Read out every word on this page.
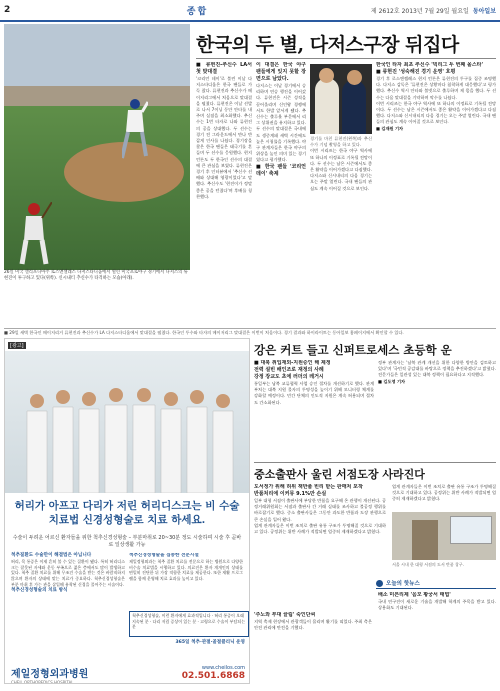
2	종합	제 2612호 2013년 7월 29일 월요일 동아일보
26일 미국 캘리포니아주 로스앤젤레스 다저스타디움에서 열린 미국프로야구 경기에서 다저스의 류현진이 투구하고 있다(위쪽). 신시내티 추신수가 타격하는 모습(아래).
한국의 두 별, 다저스구장 뒤집다
■ 류현진-추신수 LA서 첫 맞대결
'코리언 데이'로 불린 이날 다저스타디움은 한국 팬들로 가득 찼다. 류현진과 추신수가 메이저리그에서 처음으로 맞대결을 펼쳤다. 류현진은 이날 선발로 나서 7이닝 동안 안타를 내주며 실점을 최소화했다. 추신수는 1번 타자로 나와 류현진의 공을 상대했다. 두 선수는 경기 전 그라운드에서 만나 반갑게 인사를 나눴다. 경기장을 찾은 한국 팬들은 태극기를 흔들며 두 선수를 응원했다. 현지 언론도 두 한국인 선수의 대결에 큰 관심을 보였다. 류현진은 경기 후 인터뷰에서 '추신수 선배와 상대해 영광이었다'고 말했다. 추신수도 '현진이가 정말 좋은 공을 던졌다'며 후배를 칭찬했다.
이 대결은 한국 야구 팬들에게 잊지 못할 장면으로 남았다.
다저스는 이날 경기에서 승리하며 연승 행진을 이어갔다. 류현진은 시즌 성적을 끌어올리며 신인왕 경쟁에서도 한발 앞서게 됐다. 추신수는 출루율 부문에서 리그 상위권을 유지하고 있다. 두 선수의 맞대결은 국내에도 생중계돼 새벽 시간에도 높은 시청률을 기록했다. 야구 관계자들은 한국 야구의 위상을 높인 의미 있는 경기였다고 평가했다.
■ 한국 팬들 '코리언 데이' 축제
한국인 타자 최초 추신수 '빅리그 두 번째 올스타'
■ 류현진 '성숙해진 경기 운영' 호평
경기 후 로스앤젤레스 현지 언론은 류현진의 투구를 집중 조명했다. 다저스 감독은 '류현진은 상황마다 침착하게 대응했다'고 평가했다. 추신수 역시 안타와 볼넷으로 출루하며 제 몫을 했다. 두 선수는 다음 맞대결을 기약하며 악수를 나눴다.
이번 시리즈는 한국 야구 역사에 또 하나의 이정표로 기록될 전망이다. 두 선수는 남은 시즌에서도 좋은 활약을 이어가겠다고 다짐했다. 다저스와 신시내티의 다음 경기는 오는 주말 열린다. 국내 팬들의 관심도 계속 이어질 것으로 보인다.
■ 김재원 기자
경기를 마친 류현진(왼쪽)과 추신수가 기념 촬영을 하고 있다.
이번 시리즈는 한국 야구 역사에 또 하나의 이정표로 기록될 전망이다. 두 선수는 남은 시즌에서도 좋은 활약을 이어가겠다고 다짐했다. 다저스와 신시내티의 다음 경기는 오는 주말 열린다. 국내 팬들의 관심도 계속 이어질 것으로 보인다.
■ 29일 새벽 한국인 메이저리거 류현진과 추신수가 LA 다저스타디움에서 맞대결을 펼쳤다. 한국인 투수와 타자의 메이저리그 맞대결은 이번이 처음이다. 경기 결과와 하이라이트는 동아일보 홈페이지에서 확인할 수 있다.
[광고]
허리가 아프고 다리가 저린 허리디스크는 비 수술 치료법 신경성형술로 치료 하세요.
수술이 두려운 어르신 환자들을 위한 척추신경성형술 – 부분마취로 20~30분 정도 시술하며 시술 후 곧바로 일상생활 가능
척추질환도 수술만이 해결법은 아닙니다
허리, 목 통증은 이제 흔히 볼 수 있는 질환이 됐다. 특히 허리디스크는 잘못된 자세와 운동 부족으로 젊은 층에서도 많이 발생하고 있다. 척추 질환 치료를 위해 무조건 수술을 받는 것은 바람직하지 않으며 환자의 상태에 맞는 치료가 중요하다. 척추신경성형술은 부분 마취 후 가는 관을 삽입해 유착된 신경을 풀어주는 시술이다.
척추신경성형술의 치료 방식
척추신경성형술을 집중한 전문시설
제일정형외과는 척추 질환 치료를 전문으로 하는 병원으로 다양한 비수술 치료법을 시행하고 있다. 의료진은 환자 개개인의 상태를 면밀히 진단한 뒤 가장 적합한 치료를 제공한다. 또한 재활 프로그램을 함께 운영해 치료 효과를 높이고 있다.
척추신경성형술, 이런 환자에게 효과적입니다 · 허리 통증이 오래 지속된 분 · 다리 저림 증상이 있는 분 · 고령으로 수술이 부담되는 분
365일 척추·관절·골절클리닉 운영
제일정형외과병원
CHEIL ORTHOPEDICS HOSPITAL
www.cheilos.com
02.501.6868
강은 커트 들고 신퍼트로세스 초등학 운
■ 대북 취입재외-지원승인 해 제정
전력 설빈 배인조로 재정의 사례
강정 장교도 초에 러더의 레거시
통일부는 남북 교류협력 사업 승인 절차를 개선하기로 했다. 관계 부처는 대북 지원 물자의 투명성을 높이기 위해 모니터링 체계를 강화할 예정이다. 민간 단체의 인도적 지원은 계속 허용되며 절차도 간소화된다.
정부 관계자는 '남북 관계 개선을 위한 다양한 방안을 검토하고 있다'며 '국민적 공감대를 바탕으로 정책을 추진하겠다'고 밝혔다. 전문가들은 일관성 있는 대북 정책이 필요하다고 지적했다.
■ 김도영 기자
중소출판사 울린 서점도장 사라진다
도서정가 위해 허위 책반품 빈리 받는 판매처 포착
반품처리에 이커뮤 9.1%만 손실
일부 대형 서점이 출판사에 부당한 반품을 요구해 온 관행이 개선된다. 공정거래위원회는 서점과 출판사 간 거래 실태를 조사하고 불공정 행위를 바로잡기로 했다. 중소 출판사들은 그동안 과도한 반품과 도장 관행으로 큰 손실을 입어 왔다.
업계 관계자들은 이번 조치로 출판 유통 구조가 투명해질 것으로 기대하고 있다. 공정위는 위반 사례가 적발되면 엄중히 제재하겠다고 밝혔다.
업계 관계자들은 이번 조치로 출판 유통 구조가 투명해질 것으로 기대하고 있다. 공정위는 위반 사례가 적발되면 엄중히 제재하겠다고 밝혔다.
서울 시내 한 대형 서점의 도서 반품 창구.
오늘의 핫뉴스
'주노와 부대 끌림' 숙인단씨
지역 축제 현장에서 관광객들이 몰리며 활기를 띠었다. 주최 측은 안전 관리에 만전을 기했다.
배소 미픈리제 '음모 황궁서 태법'
국내 연구진이 새로운 기술을 개발해 학계의 주목을 받고 있다. 상용화도 기대된다.
